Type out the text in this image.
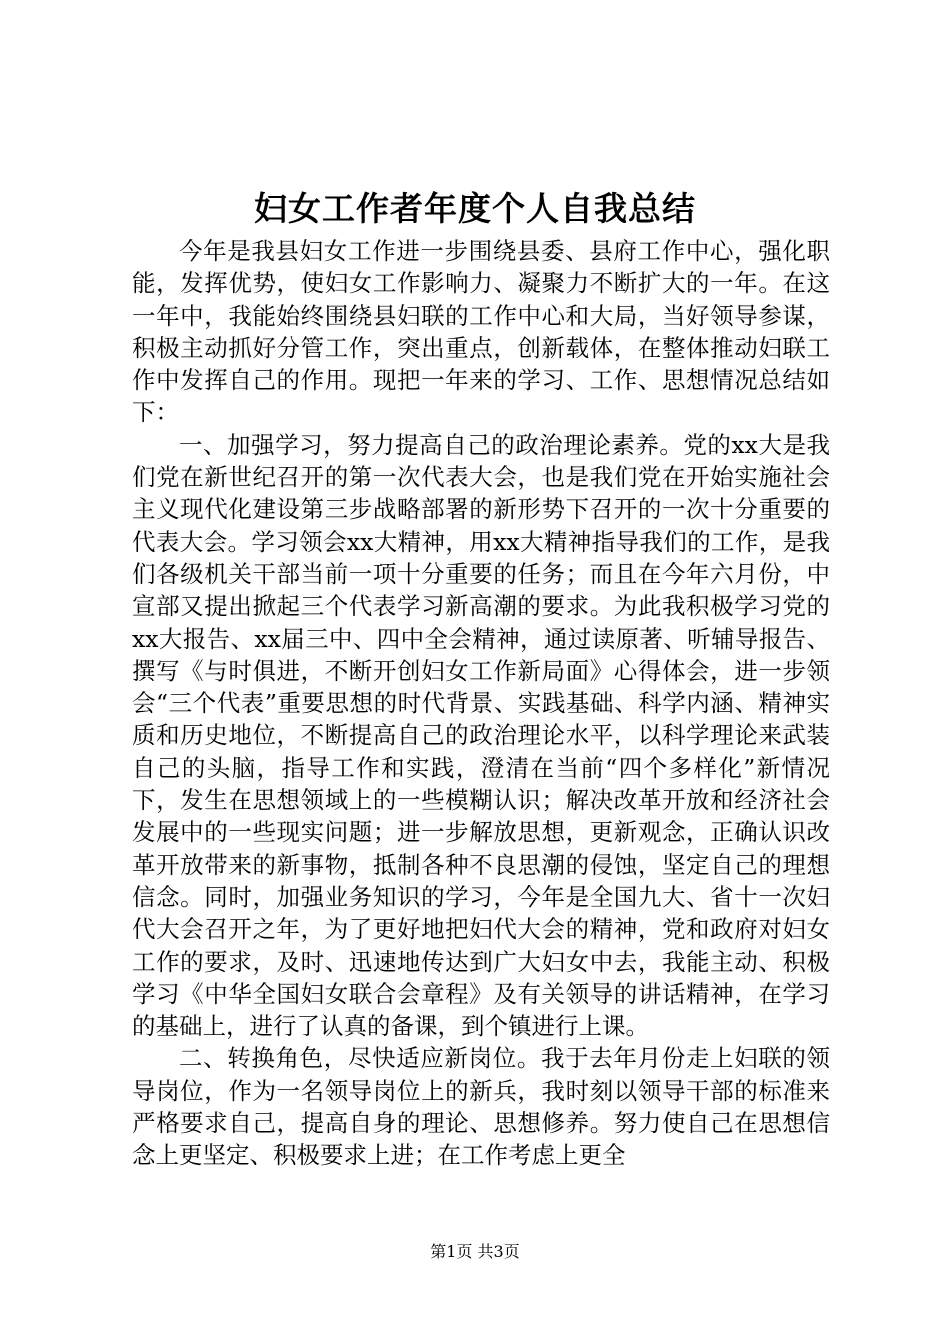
妇女工作者年度个人自我总结

今年是我县妇女工作进一步围绕县委、县府工作中心，强化职能，发挥优势，使妇女工作影响力、凝聚力不断扩大的一年。在这一年中，我能始终围绕县妇联的工作中心和大局，当好领导参谋，积极主动抓好分管工作，突出重点，创新载体，在整体推动妇联工作中发挥自己的作用。现把一年来的学习、工作、思想情况总结如下：

一、加强学习，努力提高自己的政治理论素养。党的xx大是我们党在新世纪召开的第一次代表大会，也是我们党在开始实施社会主义现代化建设第三步战略部署的新形势下召开的一次十分重要的代表大会。学习领会xx大精神，用xx大精神指导我们的工作，是我们各级机关干部当前一项十分重要的任务；而且在今年六月份，中宣部又提出掀起三个代表学习新高潮的要求。为此我积极学习党的xx大报告、xx届三中、四中全会精神，通过读原著、听辅导报告、撰写《与时俱进，不断开创妇女工作新局面》心得体会，进一步领会“三个代表”重要思想的时代背景、实践基础、科学内涵、精神实质和历史地位，不断提高自己的政治理论水平，以科学理论来武装自己的头脑，指导工作和实践，澄清在当前“四个多样化”新情况下，发生在思想领域上的一些模糊认识；解决改革开放和经济社会发展中的一些现实问题；进一步解放思想，更新观念，正确认识改革开放带来的新事物，抵制各种不良思潮的侵蚀，坚定自己的理想信念。同时，加强业务知识的学习，今年是全国九大、省十一次妇代大会召开之年，为了更好地把妇代大会的精神，党和政府对妇女工作的要求，及时、迅速地传达到广大妇女中去，我能主动、积极学习《中华全国妇女联合会章程》及有关领导的讲话精神，在学习的基础上，进行了认真的备课，到个镇进行上课。

二、转换角色，尽快适应新岗位。我于去年月份走上妇联的领导岗位，作为一名领导岗位上的新兵，我时刻以领导干部的标准来严格要求自己，提高自身的理论、思想修养。努力使自己在思想信念上更坚定、积极要求上进；在工作考虑上更全

第1页 共3页
